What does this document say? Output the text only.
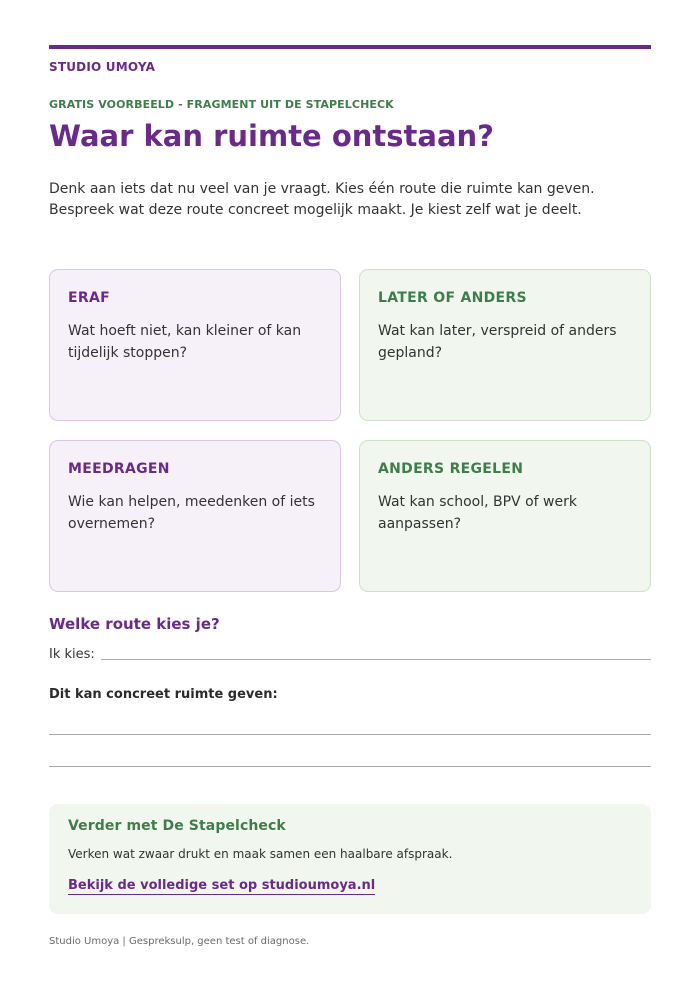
STUDIO UMOYA
GRATIS VOORBEELD - FRAGMENT UIT DE STAPELCHECK
Waar kan ruimte ontstaan?
Denk aan iets dat nu veel van je vraagt. Kies één route die ruimte kan geven. Bespreek wat deze route concreet mogelijk maakt. Je kiest zelf wat je deelt.
ERAF
Wat hoeft niet, kan kleiner of kan tijdelijk stoppen?
LATER OF ANDERS
Wat kan later, verspreid of anders gepland?
MEEDRAGEN
Wie kan helpen, meedenken of iets overnemen?
ANDERS REGELEN
Wat kan school, BPV of werk aanpassen?
Welke route kies je?
Ik kies:
Dit kan concreet ruimte geven:
Verder met De Stapelcheck
Verken wat zwaar drukt en maak samen een haalbare afspraak.
Bekijk de volledige set op studioumoya.nl
Studio Umoya | Gespreksulp, geen test of diagnose.
